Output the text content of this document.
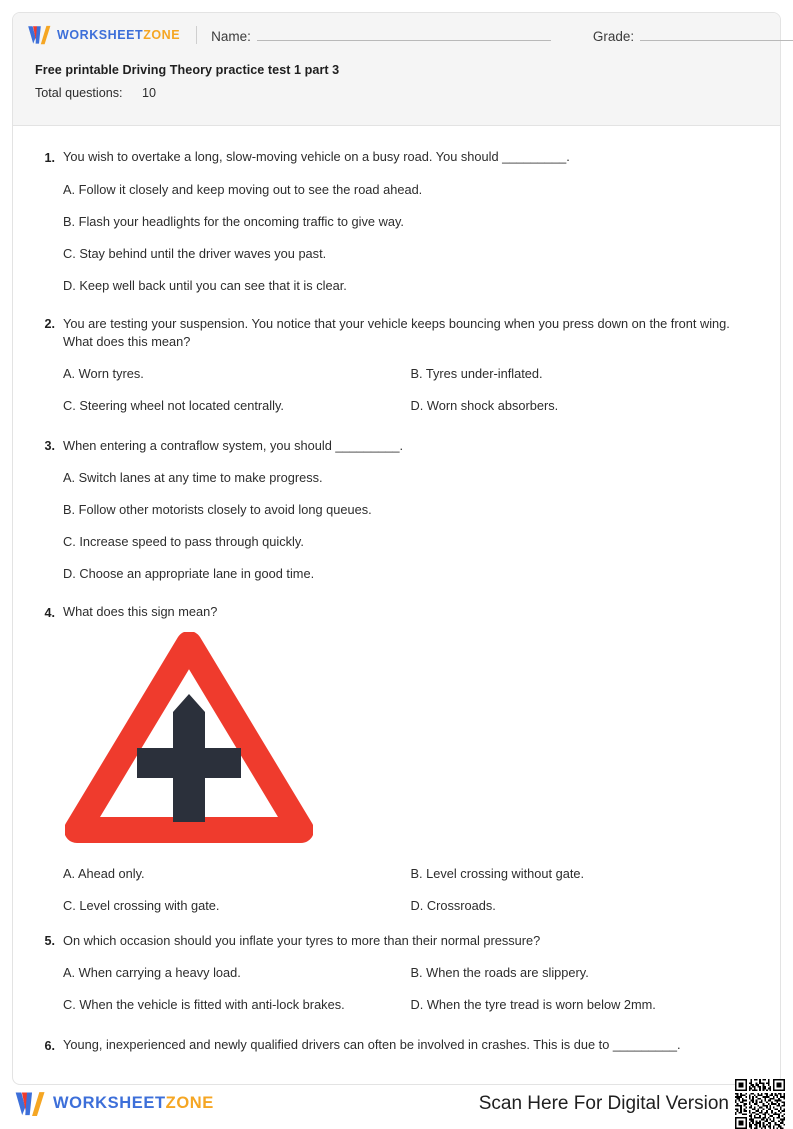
WORKSHEETZONE Name:	Grade:
Free printable Driving Theory practice test 1 part 3
Total questions: 10
1. You wish to overtake a long, slow-moving vehicle on a busy road. You should _________.
A. Follow it closely and keep moving out to see the road ahead.
B. Flash your headlights for the oncoming traffic to give way.
C. Stay behind until the driver waves you past.
D. Keep well back until you can see that it is clear.
2. You are testing your suspension. You notice that your vehicle keeps bouncing when you press down on the front wing. What does this mean?
A. Worn tyres.	B. Tyres under-inflated.
C. Steering wheel not located centrally.	D. Worn shock absorbers.
3. When entering a contraflow system, you should _________.
A. Switch lanes at any time to make progress.
B. Follow other motorists closely to avoid long queues.
C. Increase speed to pass through quickly.
D. Choose an appropriate lane in good time.
4. What does this sign mean?
A. Ahead only.	B. Level crossing without gate.
C. Level crossing with gate.	D. Crossroads.
5. On which occasion should you inflate your tyres to more than their normal pressure?
A. When carrying a heavy load.	B. When the roads are slippery.
C. When the vehicle is fitted with anti-lock brakes.	D. When the tyre tread is worn below 2mm.
6. Young, inexperienced and newly qualified drivers can often be involved in crashes. This is due to _________.
WORKSHEETZONE	Scan Here For Digital Version
